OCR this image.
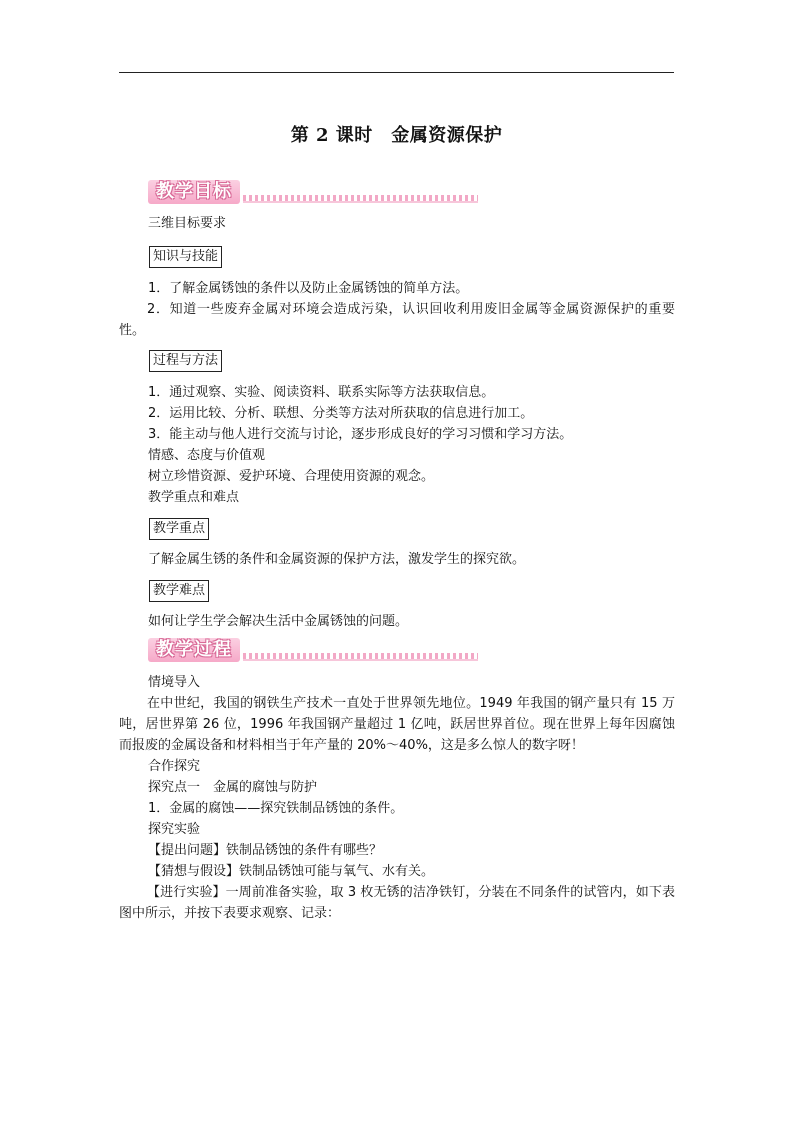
第 2 课时　金属资源保护
教学目标
三维目标要求
知识与技能
1．了解金属锈蚀的条件以及防止金属锈蚀的简单方法。
2．知道一些废弃金属对环境会造成污染，认识回收利用废旧金属等金属资源保护的重要性。
过程与方法
1．通过观察、实验、阅读资料、联系实际等方法获取信息。
2．运用比较、分析、联想、分类等方法对所获取的信息进行加工。
3．能主动与他人进行交流与讨论，逐步形成良好的学习习惯和学习方法。
情感、态度与价值观
树立珍惜资源、爱护环境、合理使用资源的观念。
教学重点和难点
教学重点
了解金属生锈的条件和金属资源的保护方法，激发学生的探究欲。
教学难点
如何让学生学会解决生活中金属锈蚀的问题。
教学过程
情境导入
在中世纪，我国的钢铁生产技术一直处于世界领先地位。1949 年我国的钢产量只有 15 万吨，居世界第 26 位，1996 年我国钢产量超过 1 亿吨，跃居世界首位。现在世界上每年因腐蚀而报废的金属设备和材料相当于年产量的 20%～40%，这是多么惊人的数字呀！
合作探究
探究点一　金属的腐蚀与防护
1．金属的腐蚀——探究铁制品锈蚀的条件。
探究实验
【提出问题】铁制品锈蚀的条件有哪些？
【猜想与假设】铁制品锈蚀可能与氧气、水有关。
【进行实验】一周前准备实验，取 3 枚无锈的洁净铁钉，分装在不同条件的试管内，如下表图中所示，并按下表要求观察、记录：
